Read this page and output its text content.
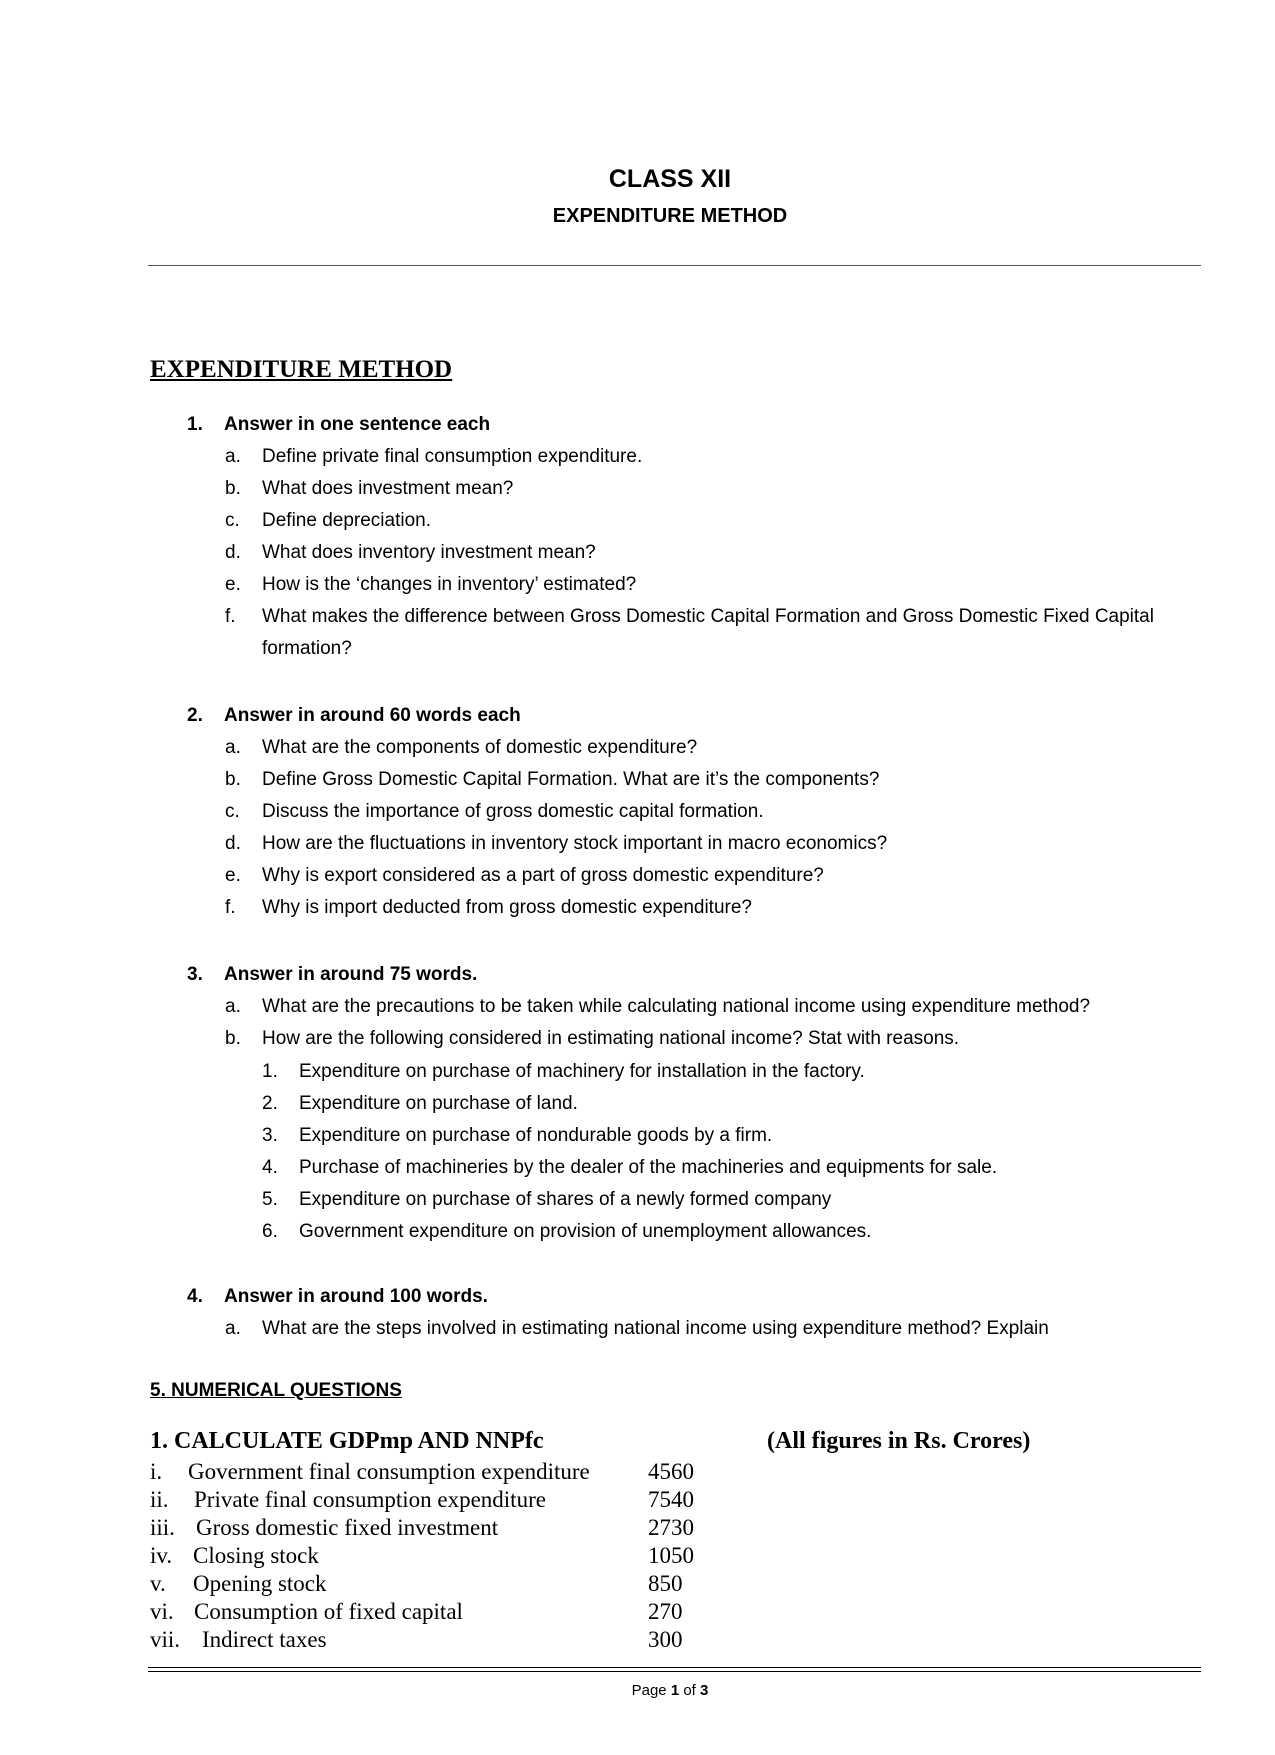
CLASS XII
EXPENDITURE METHOD
EXPENDITURE METHOD
1. Answer in one sentence each
a.	Define private final consumption expenditure.
b.	What does investment mean?
c.	Define depreciation.
d.	What does inventory investment mean?
e.	How is the ‘changes in inventory’ estimated?
f.	What makes the difference between Gross Domestic Capital Formation and Gross Domestic Fixed Capital formation?
2. Answer in around 60 words each
a.	What are the components of domestic expenditure?
b.	Define Gross Domestic Capital Formation. What are it’s the components?
c.	Discuss the importance of gross domestic capital formation.
d.	How are the fluctuations in inventory stock important in macro economics?
e.	Why is export considered as a part of gross domestic expenditure?
f.	Why is import deducted from gross domestic expenditure?
3. Answer in around 75 words.
a.	What are the precautions to be taken while calculating national income using expenditure method?
b.	How are the following considered in estimating national income? Stat with reasons.
1. Expenditure on purchase of machinery for installation in the factory.
2. Expenditure on purchase of land.
3. Expenditure on purchase of nondurable goods by a firm.
4. Purchase of machineries by the dealer of the machineries and equipments for sale.
5. Expenditure on purchase of shares of a newly formed company
6. Government expenditure on provision of unemployment allowances.
4. Answer in around 100 words.
a.	What are the steps involved in estimating national income using expenditure method? Explain
5. NUMERICAL QUESTIONS
1. CALCULATE GDPmp AND NNPfc	(All figures in Rs. Crores)
i. Government final consumption expenditure	4560
ii. Private final consumption expenditure	7540
iii. Gross domestic fixed investment	2730
iv. Closing stock	1050
v. Opening stock	850
vi. Consumption of fixed capital	270
vii. Indirect taxes	300
Page 1 of 3
